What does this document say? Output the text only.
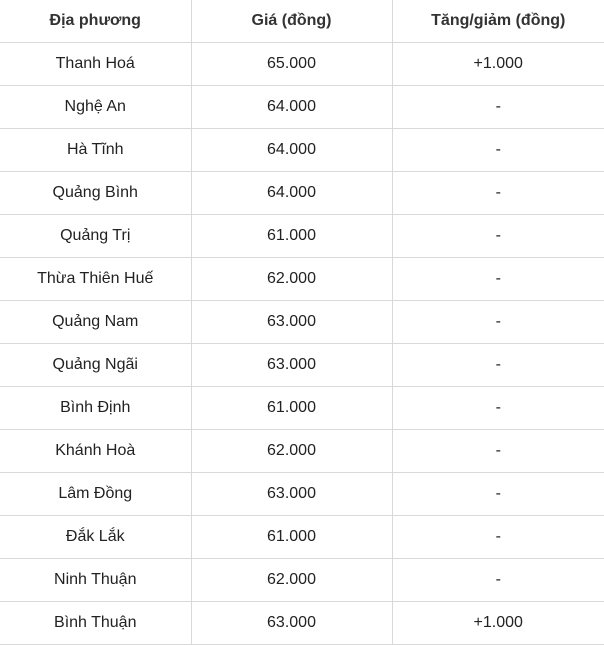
Địa phương	Giá (đồng)	Tăng/giảm (đồng)
Thanh Hoá	65.000	+1.000
Nghệ An	64.000	-
Hà Tĩnh	64.000	-
Quảng Bình	64.000	-
Quảng Trị	61.000	-
Thừa Thiên Huế	62.000	-
Quảng Nam	63.000	-
Quảng Ngãi	63.000	-
Bình Định	61.000	-
Khánh Hoà	62.000	-
Lâm Đồng	63.000	-
Đắk Lắk	61.000	-
Ninh Thuận	62.000	-
Bình Thuận	63.000	+1.000
